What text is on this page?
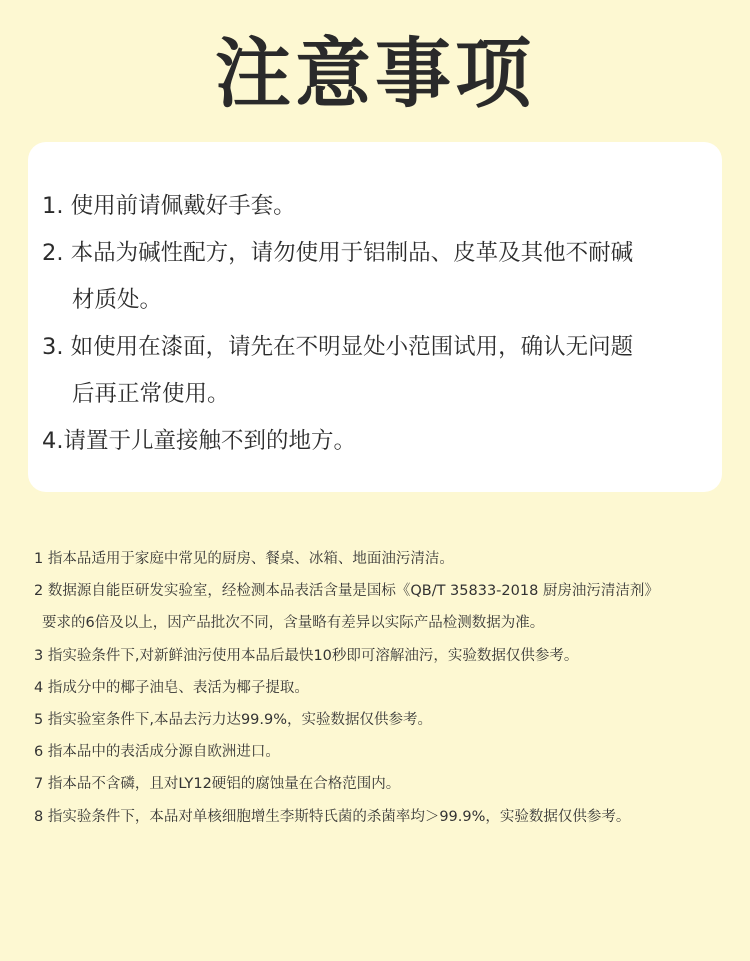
注意事项
1. 使用前请佩戴好手套。
2. 本品为碱性配方，请勿使用于铝制品、皮革及其他不耐碱
材质处。
3. 如使用在漆面，请先在不明显处小范围试用，确认无问题
后再正常使用。
4.请置于儿童接触不到的地方。
1 指本品适用于家庭中常见的厨房、餐桌、冰箱、地面油污清洁。
2 数据源自能臣研发实验室，经检测本品表活含量是国标《QB/T 35833-2018 厨房油污清洁剂》
要求的6倍及以上，因产品批次不同，含量略有差异以实际产品检测数据为准。
3 指实验条件下,对新鲜油污使用本品后最快10秒即可溶解油污，实验数据仅供参考。
4 指成分中的椰子油皂、表活为椰子提取。
5 指实验室条件下,本品去污力达99.9%，实验数据仅供参考。
6 指本品中的表活成分源自欧洲进口。
7 指本品不含磷，且对LY12硬铝的腐蚀量在合格范围内。
8 指实验条件下，本品对单核细胞增生李斯特氏菌的杀菌率均＞99.9%，实验数据仅供参考。
